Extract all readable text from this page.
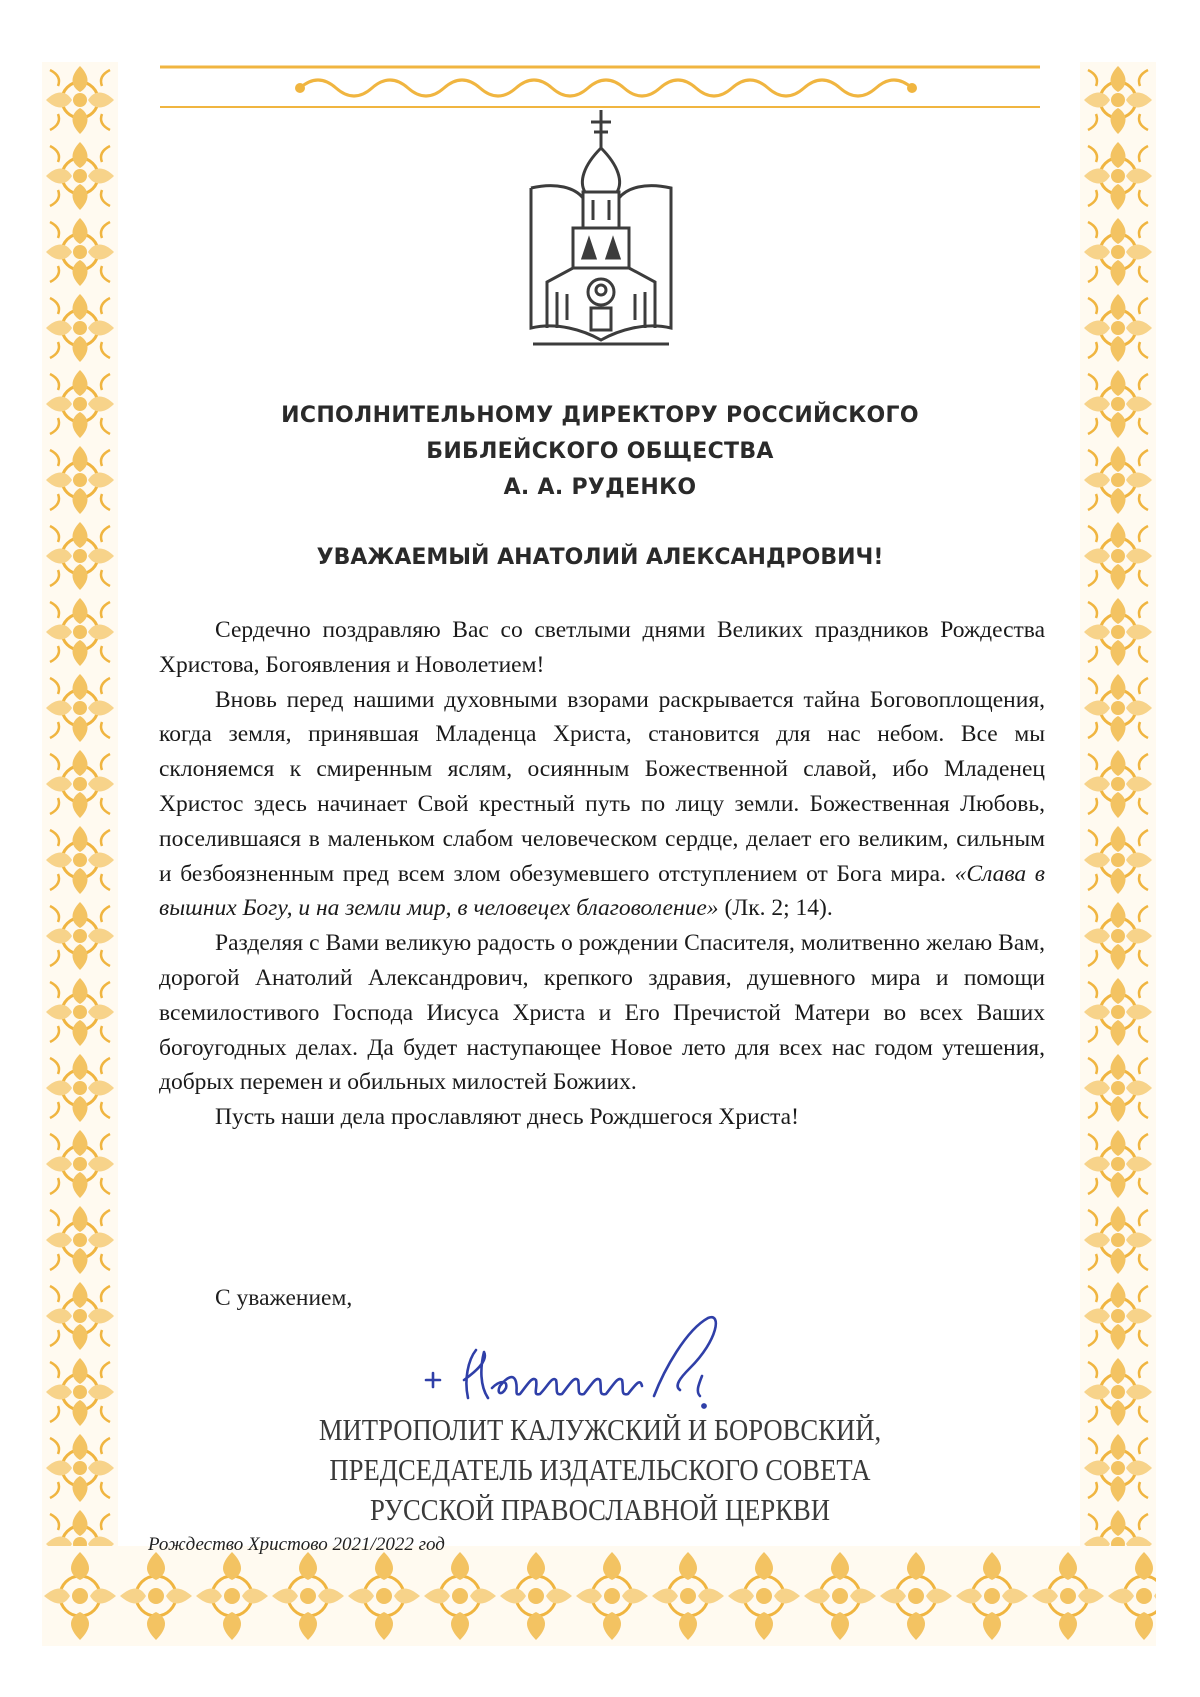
ИСПОЛНИТЕЛЬНОМУ ДИРЕКТОРУ РОССИЙСКОГО
БИБЛЕЙСКОГО ОБЩЕСТВА
А. А. РУДЕНКО
УВАЖАЕМЫЙ АНАТОЛИЙ АЛЕКСАНДРОВИЧ!

Сердечно поздравляю Вас со светлыми днями Великих праздников Рождества Христова, Богоявления и Новолетием!

Вновь перед нашими духовными взорами раскрывается тайна Боговоплощения, когда земля, принявшая Младенца Христа, становится для нас небом. Все мы склоняемся к смиренным яслям, осиянным Божественной славой, ибо Младенец Христос здесь начинает Свой крестный путь по лицу земли. Божественная Любовь, поселившаяся в маленьком слабом человеческом сердце, делает его великим, сильным и безбоязненным пред всем злом обезумевшего отступлением от Бога мира. «Слава в вышних Богу, и на земли мир, в человецех благоволение» (Лк. 2; 14).

Разделяя с Вами великую радость о рождении Спасителя, молитвенно желаю Вам, дорогой Анатолий Александрович, крепкого здравия, душевного мира и помощи всемилостивого Господа Иисуса Христа и Его Пречистой Матери во всех Ваших богоугодных делах. Да будет наступающее Новое лето для всех нас годом утешения, добрых перемен и обильных милостей Божиих.

Пусть наши дела прославляют днесь Рождшегося Христа!

С уважением,
МИТРОПОЛИТ КАЛУЖСКИЙ И БОРОВСКИЙ,
ПРЕДСЕДАТЕЛЬ ИЗДАТЕЛЬСКОГО СОВЕТА
РУССКОЙ ПРАВОСЛАВНОЙ ЦЕРКВИ
Рождество Христово 2021/2022 год
